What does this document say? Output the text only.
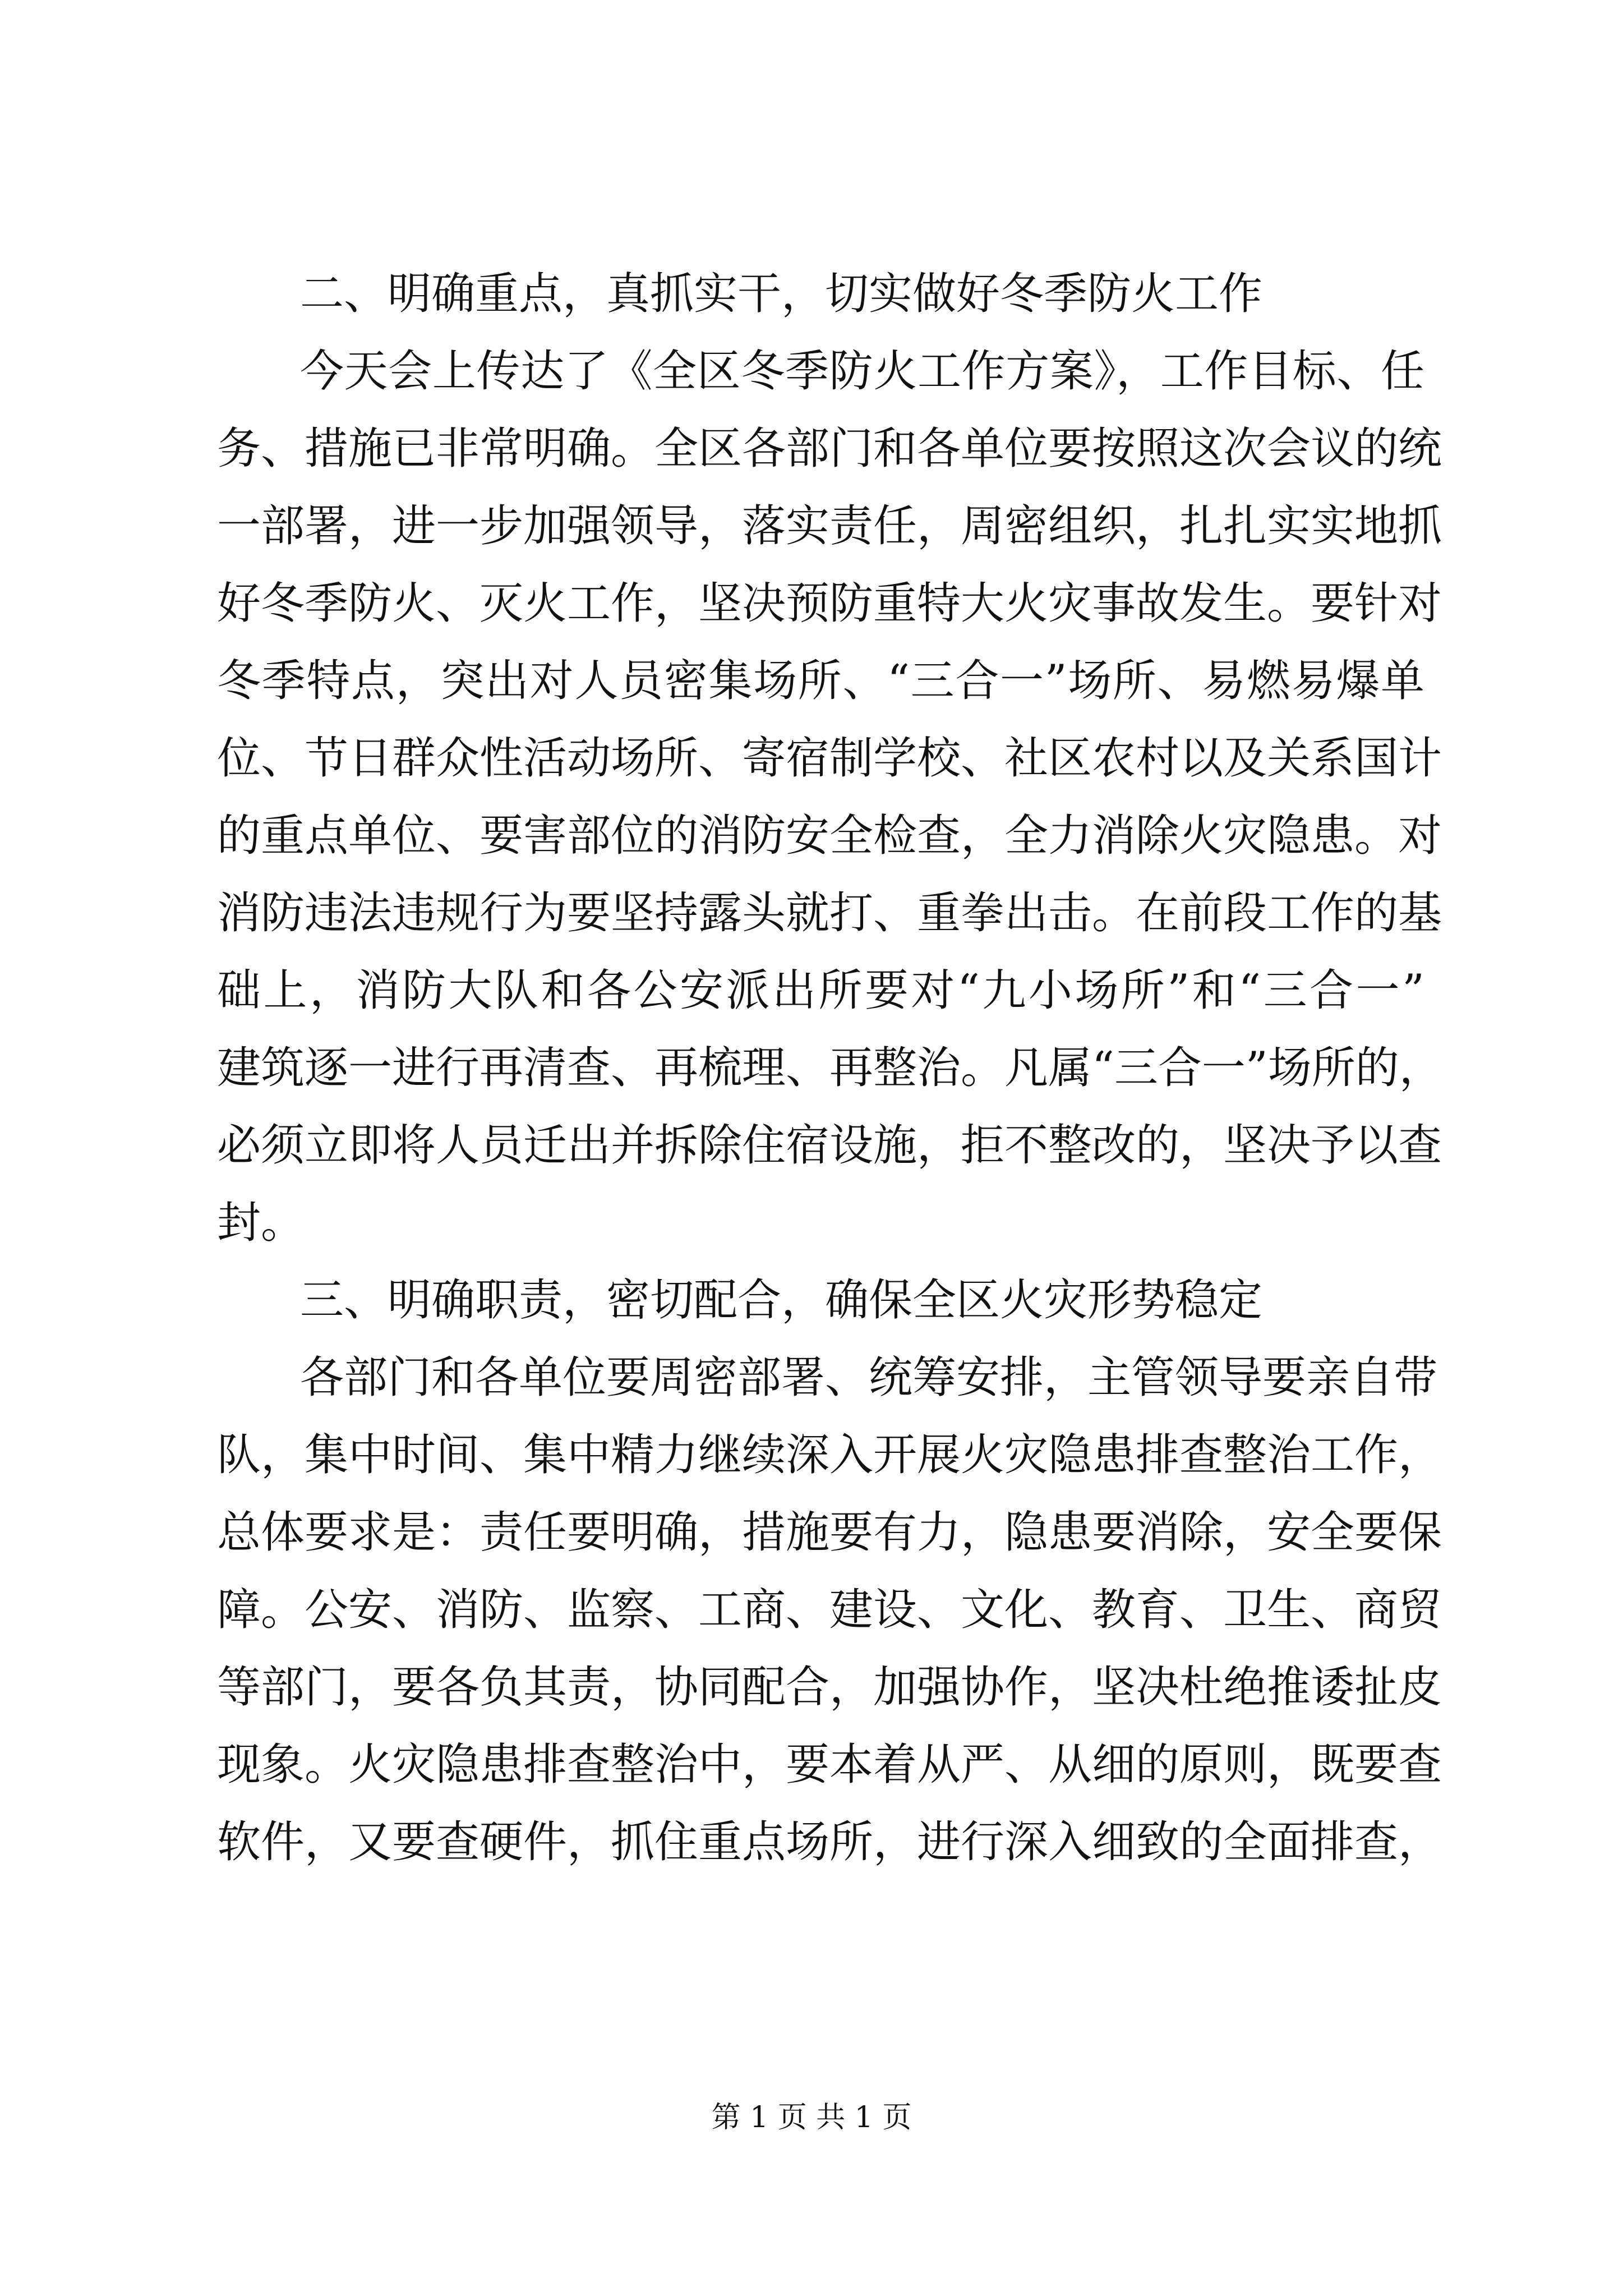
二、明确重点，真抓实干，切实做好冬季防火工作
今天会上传达了《全区冬季防火工作方案》，工作目标、任
务、措施已非常明确。全区各部门和各单位要按照这次会议的统
一部署，进一步加强领导，落实责任，周密组织，扎扎实实地抓
好冬季防火、灭火工作，坚决预防重特大火灾事故发生。要针对
冬季特点，突出对人员密集场所、“三合一”场所、易燃易爆单
位、节日群众性活动场所、寄宿制学校、社区农村以及关系国计
的重点单位、要害部位的消防安全检查，全力消除火灾隐患。对
消防违法违规行为要坚持露头就打、重拳出击。在前段工作的基
础上，消防大队和各公安派出所要对“九小场所”和“三合一”
建筑逐一进行再清查、再梳理、再整治。凡属“三合一”场所的，
必须立即将人员迁出并拆除住宿设施，拒不整改的，坚决予以查
封。
三、明确职责，密切配合，确保全区火灾形势稳定
各部门和各单位要周密部署、统筹安排，主管领导要亲自带
队，集中时间、集中精力继续深入开展火灾隐患排查整治工作，
总体要求是：责任要明确，措施要有力，隐患要消除，安全要保
障。公安、消防、监察、工商、建设、文化、教育、卫生、商贸
等部门，要各负其责，协同配合，加强协作，坚决杜绝推诿扯皮
现象。火灾隐患排查整治中，要本着从严、从细的原则，既要查
软件，又要查硬件，抓住重点场所，进行深入细致的全面排查，
第 1 页 共 1 页
